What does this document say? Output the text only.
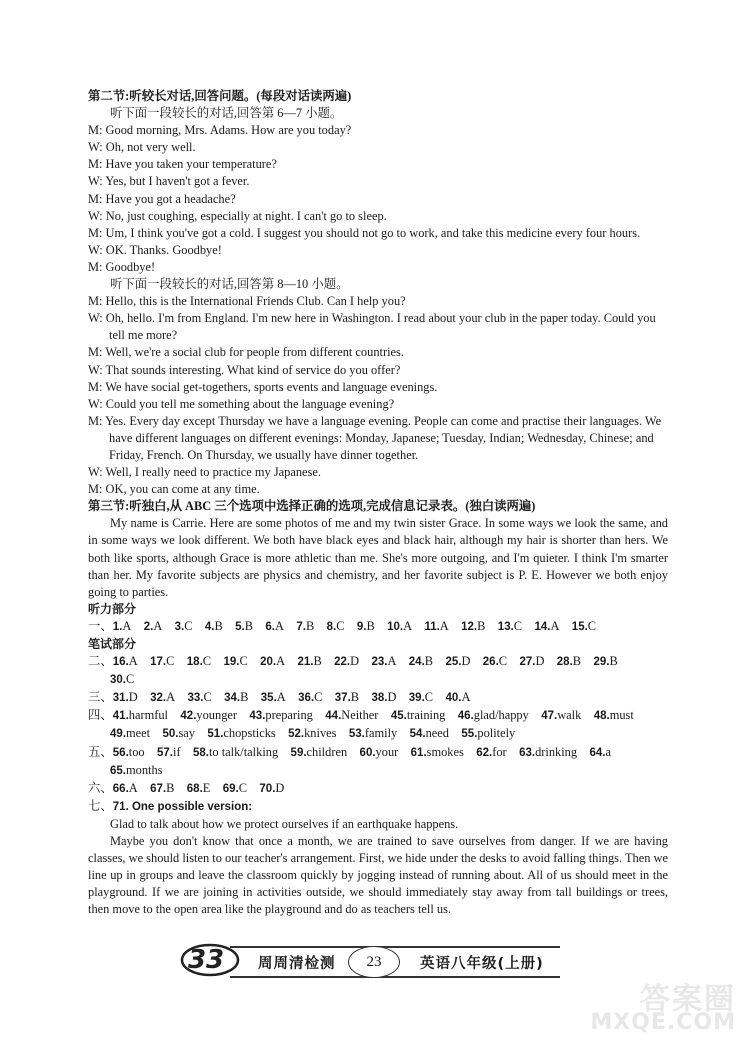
第二节:听较长对话,回答问题。(每段对话读两遍)

听下面一段较长的对话,回答第 6—7 小题。

M: Good morning, Mrs. Adams. How are you today?

W: Oh, not very well.

M: Have you taken your temperature?

W: Yes, but I haven't got a fever.

M: Have you got a headache?

W: No, just coughing, especially at night. I can't go to sleep.

M: Um, I think you've got a cold. I suggest you should not go to work, and take this medicine every four hours.

W: OK. Thanks. Goodbye!

M: Goodbye!

听下面一段较长的对话,回答第 8—10 小题。

M: Hello, this is the International Friends Club. Can I help you?

W: Oh, hello. I'm from England. I'm new here in Washington. I read about your club in the paper today. Could you tell me more?

M: Well, we're a social club for people from different countries.

W: That sounds interesting. What kind of service do you offer?

M: We have social get-togethers, sports events and language evenings.

W: Could you tell me something about the language evening?

M: Yes. Every day except Thursday we have a language evening. People can come and practise their languages. We have different languages on different evenings: Monday, Japanese; Tuesday, Indian; Wednesday, Chinese; and Friday, French. On Thursday, we usually have dinner together.

W: Well, I really need to practice my Japanese.

M: OK, you can come at any time.

第三节:听独白,从 ABC 三个选项中选择正确的选项,完成信息记录表。(独白读两遍)

My name is Carrie. Here are some photos of me and my twin sister Grace. In some ways we look the same, and in some ways we look different. We both have black eyes and black hair, although my hair is shorter than hers. We both like sports, although Grace is more athletic than me. She's more outgoing, and I'm quieter. I think I'm smarter than her. My favorite subjects are physics and chemistry, and her favorite subject is P. E. However we both enjoy going to parties.

听力部分

一、1.A  2.A  3.C  4.B  5.B  6.A  7.B  8.C  9.B  10.A  11.A  12.B  13.C  14.A  15.C

笔试部分

二、16.A  17.C  18.C  19.C  20.A  21.B  22.D  23.A  24.B  25.D  26.C  27.D  28.B  29.B
30.C
三、31.D  32.A  33.C  34.B  35.A  36.C  37.B  38.D  39.C  40.A
四、41.harmful  42.younger  43.preparing  44.Neither  45.training  46.glad/happy  47.walk  48.must
49.meet  50.say  51.chopsticks  52.knives  53.family  54.need  55.politely
五、56.too  57.if  58.to talk/talking  59.children  60.your  61.smokes  62.for  63.drinking  64.a
65.months
六、66.A  67.B  68.E  69.C  70.D
七、71. One possible version:

Glad to talk about how we protect ourselves if an earthquake happens.

Maybe you don't know that once a month, we are trained to save ourselves from danger. If we are having classes, we should listen to our teacher's arrangement. First, we hide under the desks to avoid falling things. Then we line up in groups and leave the classroom quickly by jogging instead of running about. All of us should meet in the playground. If we are joining in activities outside, we should immediately stay away from tall buildings or trees, then move to the open area like the playground and do as teachers tell us.

3 3 周周清检测	23	英语八年级(上册)
答案圈
MXQE.COM
